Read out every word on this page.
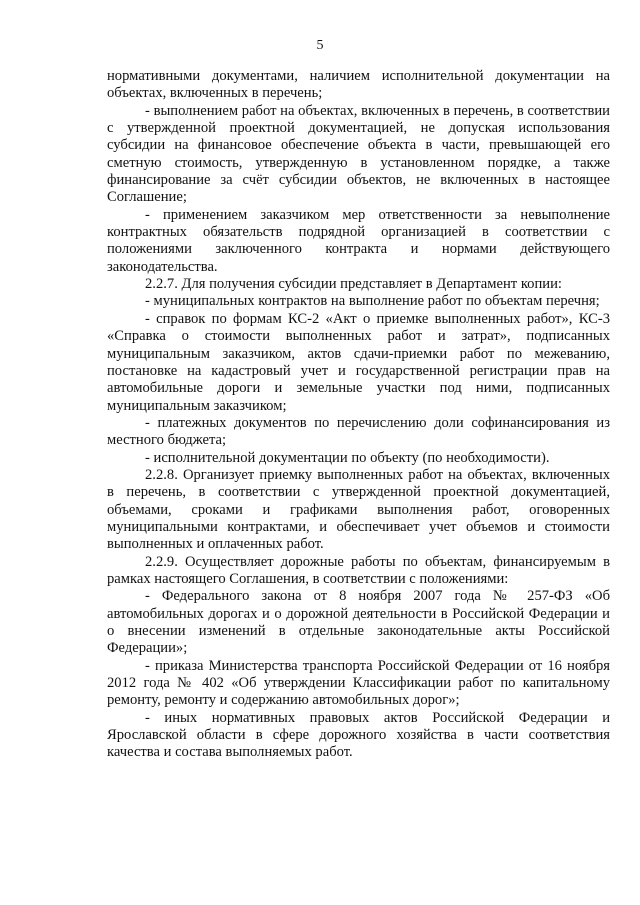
5

нормативными документами, наличием исполнительной документации на объектах, включенных в перечень;

- выполнением работ на объектах, включенных в перечень, в соответствии с утвержденной проектной документацией, не допуская использования субсидии на финансовое обеспечение объекта в части, превышающей его сметную стоимость, утвержденную в установленном порядке, а также финансирование за счёт субсидии объектов, не включенных в настоящее Соглашение;

- применением заказчиком мер ответственности за невыполнение контрактных обязательств подрядной организацией в соответствии с положениями заключенного контракта и нормами действующего законодательства.

2.2.7. Для получения субсидии представляет в Департамент копии:

- муниципальных контрактов на выполнение работ по объектам перечня;

- справок по формам КС-2 «Акт о приемке выполненных работ», КС-3 «Справка о стоимости выполненных работ и затрат», подписанных муниципальным заказчиком, актов сдачи-приемки работ по межеванию, постановке на кадастровый учет и государственной регистрации прав на автомобильные дороги и земельные участки под ними, подписанных муниципальным заказчиком;

- платежных документов по перечислению доли софинансирования из местного бюджета;

- исполнительной документации по объекту (по необходимости).

2.2.8. Организует приемку выполненных работ на объектах, включенных в перечень, в соответствии с утвержденной проектной документацией, объемами, сроками и графиками выполнения работ, оговоренных муниципальными контрактами, и обеспечивает учет объемов и стоимости выполненных и оплаченных работ.

2.2.9. Осуществляет дорожные работы по объектам, финансируемым в рамках настоящего Соглашения, в соответствии с положениями:

- Федерального закона от 8 ноября 2007 года № 257-ФЗ «Об автомобильных дорогах и о дорожной деятельности в Российской Федерации и о внесении изменений в отдельные законодательные акты Российской Федерации»;

- приказа Министерства транспорта Российской Федерации от 16 ноября 2012 года № 402 «Об утверждении Классификации работ по капитальному ремонту, ремонту и содержанию автомобильных дорог»;

- иных нормативных правовых актов Российской Федерации и Ярославской области в сфере дорожного хозяйства в части соответствия качества и состава выполняемых работ.
